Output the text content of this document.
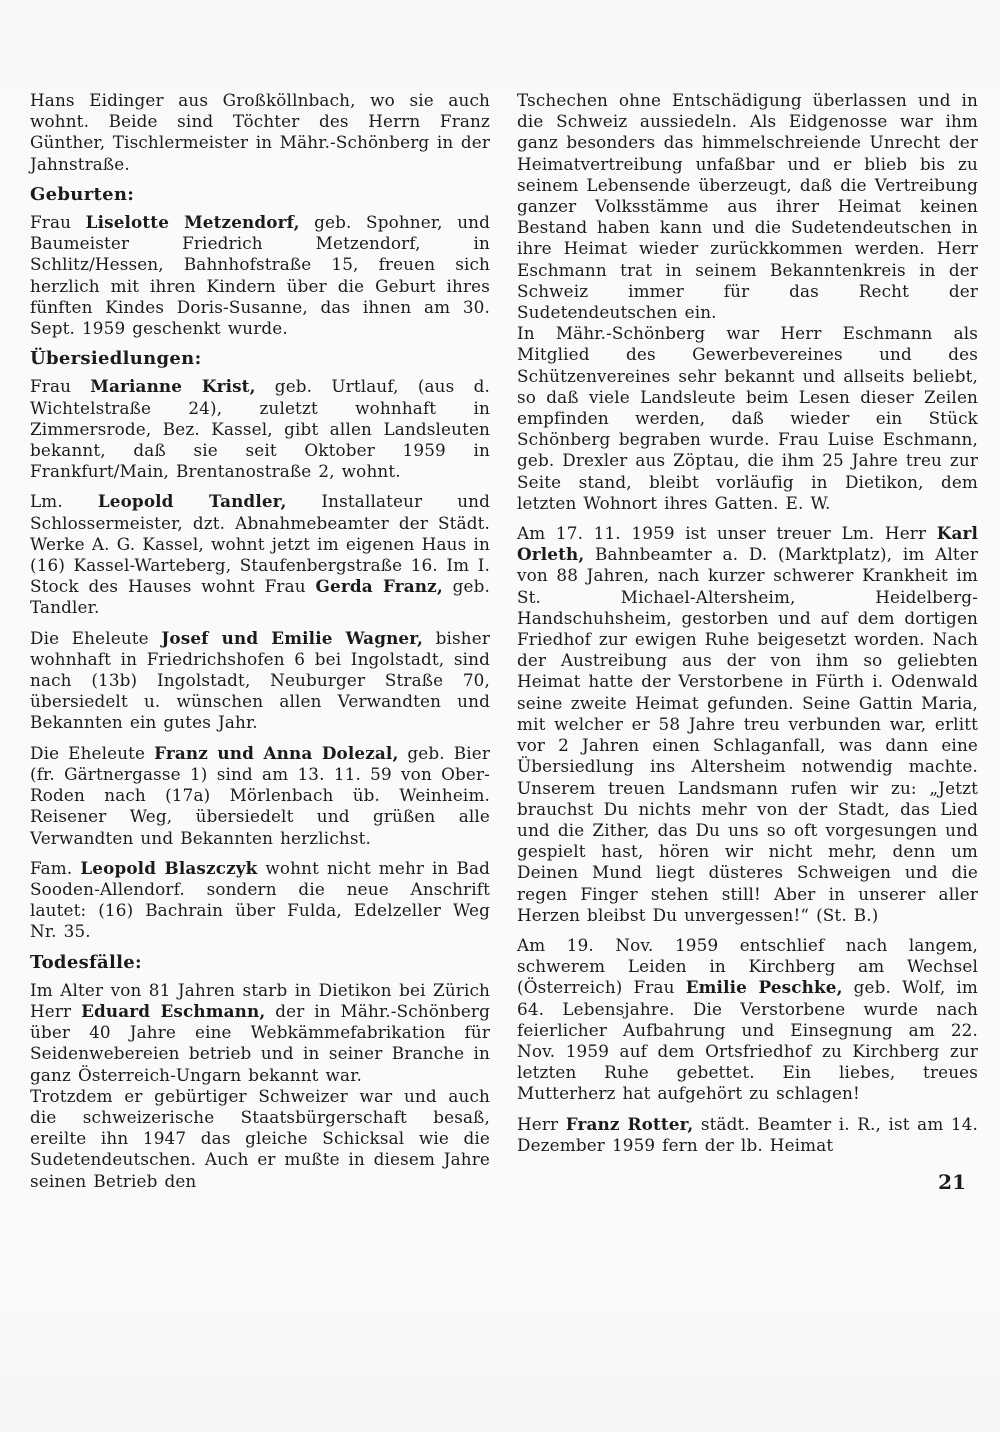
Hans Eidinger aus Großköllnbach, wo sie auch wohnt. Beide sind Töchter des Herrn Franz Günther, Tischlermeister in Mähr.-Schönberg in der Jahnstraße.

Geburten:

Frau Liselotte Metzendorf, geb. Spohner, und Baumeister Friedrich Metzendorf, in Schlitz/Hessen, Bahnhofstraße 15, freuen sich herzlich mit ihren Kindern über die Geburt ihres fünften Kindes Doris-Susanne, das ihnen am 30. Sept. 1959 geschenkt wurde.

Übersiedlungen:

Frau Marianne Krist, geb. Urtlauf, (aus d. Wichtelstraße 24), zuletzt wohnhaft in Zimmersrode, Bez. Kassel, gibt allen Landsleuten bekannt, daß sie seit Oktober 1959 in Frankfurt/Main, Brentanostraße 2, wohnt.

Lm. Leopold Tandler, Installateur und Schlossermeister, dzt. Abnahmebeamter der Städt. Werke A. G. Kassel, wohnt jetzt im eigenen Haus in (16) Kassel-Warteberg, Staufenbergstraße 16. Im I. Stock des Hauses wohnt Frau Gerda Franz, geb. Tandler.

Die Eheleute Josef und Emilie Wagner, bisher wohnhaft in Friedrichshofen 6 bei Ingolstadt, sind nach (13b) Ingolstadt, Neuburger Straße 70, übersiedelt u. wünschen allen Verwandten und Bekannten ein gutes Jahr.

Die Eheleute Franz und Anna Dolezal, geb. Bier (fr. Gärtnergasse 1) sind am 13. 11. 59 von Ober-Roden nach (17a) Mörlenbach üb. Weinheim. Reisener Weg, übersiedelt und grüßen alle Verwandten und Bekannten herzlichst.

Fam. Leopold Blaszczyk wohnt nicht mehr in Bad Sooden-Allendorf. sondern die neue Anschrift lautet: (16) Bachrain über Fulda, Edelzeller Weg Nr. 35.

Todesfälle:

Im Alter von 81 Jahren starb in Dietikon bei Zürich Herr Eduard Eschmann, der in Mähr.-Schönberg über 40 Jahre eine Webkämmefabrikation für Seidenwebereien betrieb und in seiner Branche in ganz Österreich-Ungarn bekannt war.

Trotzdem er gebürtiger Schweizer war und auch die schweizerische Staatsbürgerschaft besaß, ereilte ihn 1947 das gleiche Schicksal wie die Sudetendeutschen. Auch er mußte in diesem Jahre seinen Betrieb den

Tschechen ohne Entschädigung überlassen und in die Schweiz aussiedeln. Als Eidgenosse war ihm ganz besonders das himmelschreiende Unrecht der Heimatvertreibung unfaßbar und er blieb bis zu seinem Lebensende überzeugt, daß die Vertreibung ganzer Volksstämme aus ihrer Heimat keinen Bestand haben kann und die Sudetendeutschen in ihre Heimat wieder zurückkommen werden. Herr Eschmann trat in seinem Bekanntenkreis in der Schweiz immer für das Recht der Sudetendeutschen ein.

In Mähr.-Schönberg war Herr Eschmann als Mitglied des Gewerbevereines und des Schützenvereines sehr bekannt und allseits beliebt, so daß viele Landsleute beim Lesen dieser Zeilen empfinden werden, daß wieder ein Stück Schönberg begraben wurde. Frau Luise Eschmann, geb. Drexler aus Zöptau, die ihm 25 Jahre treu zur Seite stand, bleibt vorläufig in Dietikon, dem letzten Wohnort ihres Gatten. E. W.

Am 17. 11. 1959 ist unser treuer Lm. Herr Karl Orleth, Bahnbeamter a. D. (Marktplatz), im Alter von 88 Jahren, nach kurzer schwerer Krankheit im St. Michael-Altersheim, Heidelberg-Handschuhsheim, gestorben und auf dem dortigen Friedhof zur ewigen Ruhe beigesetzt worden. Nach der Austreibung aus der von ihm so geliebten Heimat hatte der Verstorbene in Fürth i. Odenwald seine zweite Heimat gefunden. Seine Gattin Maria, mit welcher er 58 Jahre treu verbunden war, erlitt vor 2 Jahren einen Schlaganfall, was dann eine Übersiedlung ins Altersheim notwendig machte. Unserem treuen Landsmann rufen wir zu: „Jetzt brauchst Du nichts mehr von der Stadt, das Lied und die Zither, das Du uns so oft vorgesungen und gespielt hast, hören wir nicht mehr, denn um Deinen Mund liegt düsteres Schweigen und die regen Finger stehen still! Aber in unserer aller Herzen bleibst Du unvergessen!“ (St. B.)

Am 19. Nov. 1959 entschlief nach langem, schwerem Leiden in Kirchberg am Wechsel (Österreich) Frau Emilie Peschke, geb. Wolf, im 64. Lebensjahre. Die Verstorbene wurde nach feierlicher Aufbahrung und Einsegnung am 22. Nov. 1959 auf dem Ortsfriedhof zu Kirchberg zur letzten Ruhe gebettet. Ein liebes, treues Mutterherz hat aufgehört zu schlagen!

Herr Franz Rotter, städt. Beamter i. R., ist am 14. Dezember 1959 fern der lb. Heimat

21
